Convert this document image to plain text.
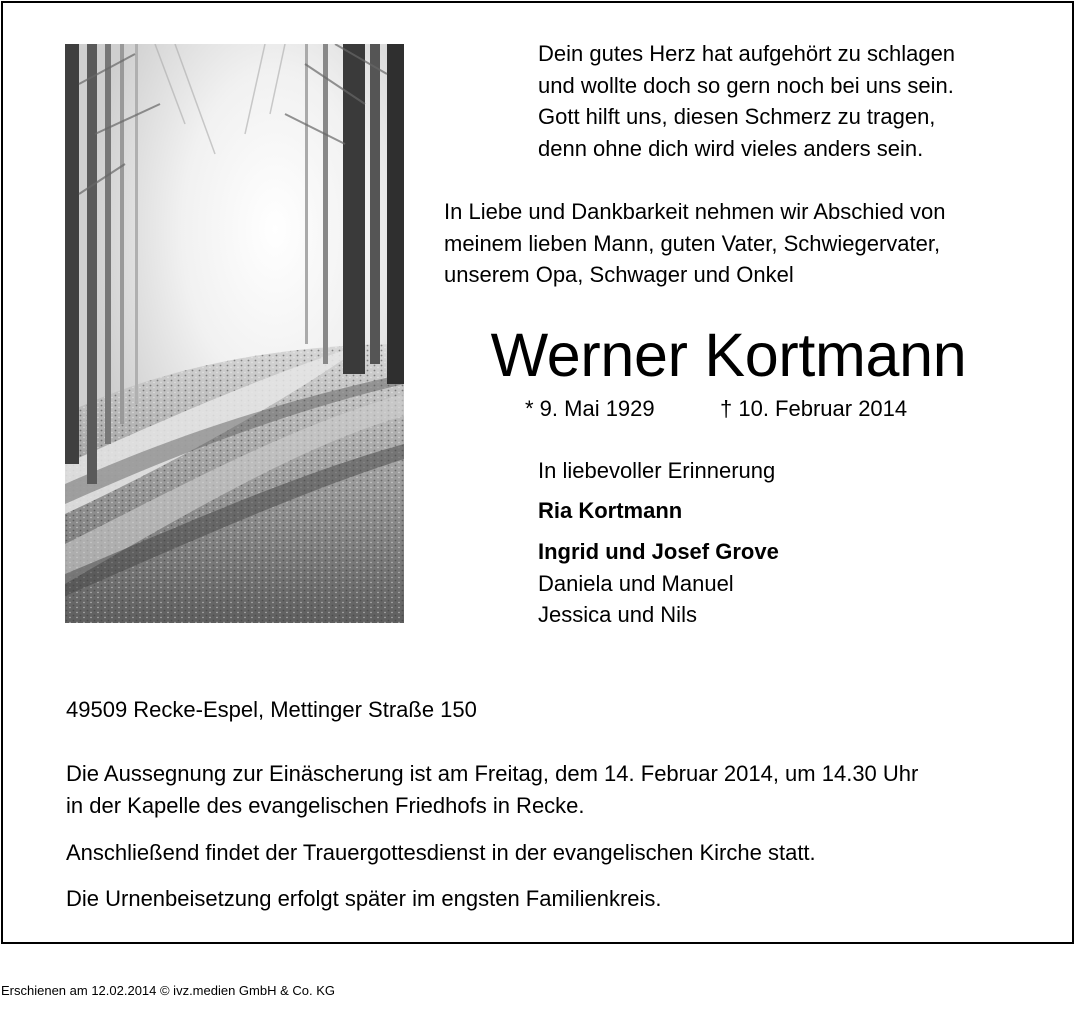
Dein gutes Herz hat aufgehört zu schlagen
und wollte doch so gern noch bei uns sein.
Gott hilft uns, diesen Schmerz zu tragen,
denn ohne dich wird vieles anders sein.
In Liebe und Dankbarkeit nehmen wir Abschied von
meinem lieben Mann, guten Vater, Schwiegervater,
unserem Opa, Schwager und Onkel
Werner Kortmann
* 9. Mai 1929	† 10. Februar 2014
In liebevoller Erinnerung
Ria Kortmann
Ingrid und Josef Grove
Daniela und Manuel
Jessica und Nils
49509 Recke-Espel, Mettinger Straße 150
Die Aussegnung zur Einäscherung ist am Freitag, dem 14. Februar 2014, um 14.30 Uhr
in der Kapelle des evangelischen Friedhofs in Recke.
Anschließend findet der Trauergottesdienst in der evangelischen Kirche statt.
Die Urnenbeisetzung erfolgt später im engsten Familienkreis.
Erschienen am 12.02.2014 © ivz.medien GmbH & Co. KG
